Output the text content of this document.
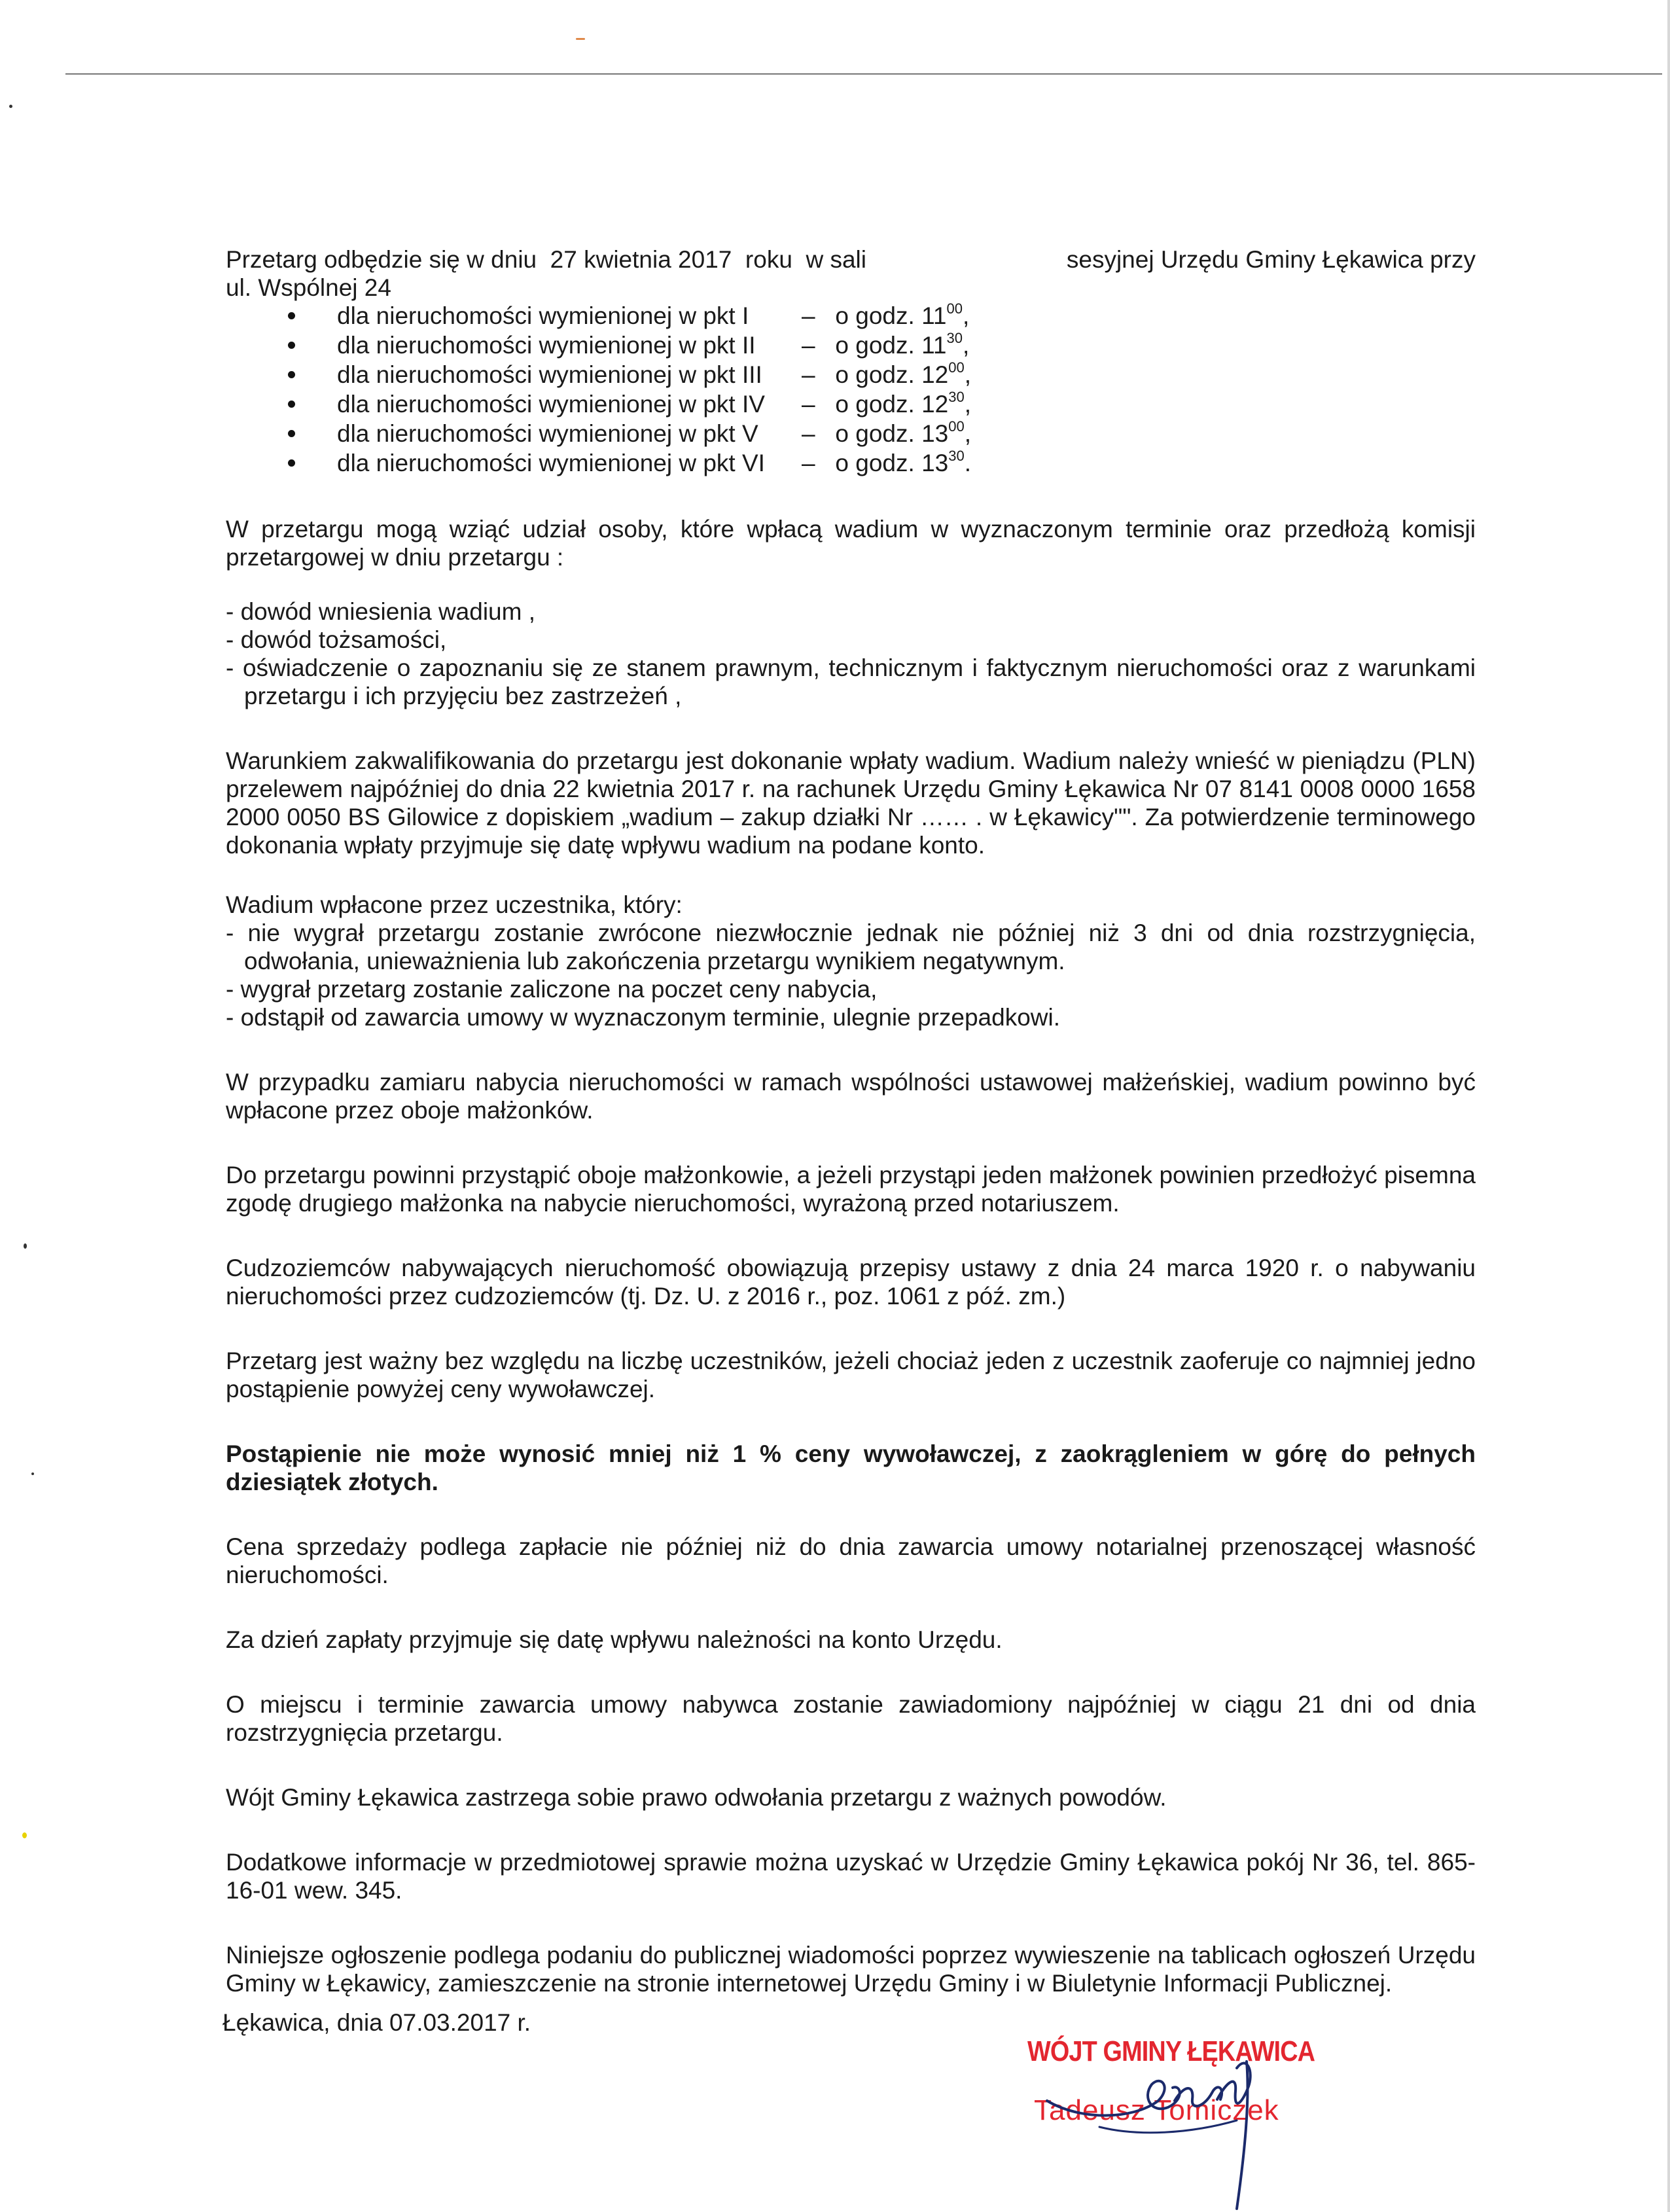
Przetarg odbędzie się w dniu  27 kwietnia 2017  roku  w sali	sesyjnej Urzędu Gminy Łękawica przy
ul. Wspólnej 24
dla nieruchomości wymienionej w pkt I – o godz. $11^{00}$,
dla nieruchomości wymienionej w pkt II – o godz. $11^{30}$,
dla nieruchomości wymienionej w pkt III – o godz. $12^{00}$,
dla nieruchomości wymienionej w pkt IV – o godz. $12^{30}$,
dla nieruchomości wymienionej w pkt V – o godz. $13^{00}$,
dla nieruchomości wymienionej w pkt VI – o godz. $13^{30}$.

W przetargu mogą wziąć udział osoby, które wpłacą wadium w wyznaczonym terminie oraz przedłożą komisji przetargowej w dniu przetargu :

- dowód wniesienia wadium ,
- dowód tożsamości,
- oświadczenie o zapoznaniu się ze stanem prawnym, technicznym i faktycznym nieruchomości oraz z warunkami przetargu i ich przyjęciu bez zastrzeżeń ,

Warunkiem zakwalifikowania do przetargu jest dokonanie wpłaty wadium. Wadium należy wnieść w pieniądzu (PLN) przelewem najpóźniej do dnia 22 kwietnia 2017 r. na rachunek Urzędu Gminy Łękawica Nr 07 8141 0008 0000 1658 2000 0050 BS Gilowice z dopiskiem „wadium – zakup działki Nr …… . w Łękawicy"". Za potwierdzenie terminowego dokonania wpłaty przyjmuje się datę wpływu wadium na podane konto.

Wadium wpłacone przez uczestnika, który:
- nie wygrał przetargu zostanie zwrócone niezwłocznie jednak nie później niż 3 dni od dnia rozstrzygnięcia, odwołania, unieważnienia lub zakończenia przetargu wynikiem negatywnym.
- wygrał przetarg zostanie zaliczone na poczet ceny nabycia,
- odstąpił od zawarcia umowy w wyznaczonym terminie, ulegnie przepadkowi.

W przypadku zamiaru nabycia nieruchomości w ramach wspólności ustawowej małżeńskiej, wadium powinno być wpłacone przez oboje małżonków.

Do przetargu powinni przystąpić oboje małżonkowie, a jeżeli przystąpi jeden małżonek powinien przedłożyć pisemna zgodę drugiego małżonka na nabycie nieruchomości, wyrażoną przed notariuszem.

Cudzoziemców nabywających nieruchomość obowiązują przepisy ustawy z dnia 24 marca 1920 r. o nabywaniu nieruchomości przez cudzoziemców (tj. Dz. U. z 2016 r., poz. 1061 z póź. zm.)

Przetarg jest ważny bez względu na liczbę uczestników, jeżeli chociaż jeden z uczestnik zaoferuje co najmniej jedno postąpienie powyżej ceny wywoławczej.

Postąpienie nie może wynosić mniej niż 1 % ceny wywoławczej, z zaokrągleniem w górę do pełnych dziesiątek złotych.

Cena sprzedaży podlega zapłacie nie później niż do dnia zawarcia umowy notarialnej przenoszącej własność nieruchomości.

Za dzień zapłaty przyjmuje się datę wpływu należności na konto Urzędu.

O miejscu i terminie zawarcia umowy nabywca zostanie zawiadomiony najpóźniej w ciągu 21 dni od dnia rozstrzygnięcia przetargu.

Wójt Gminy Łękawica zastrzega sobie prawo odwołania przetargu z ważnych powodów.

Dodatkowe informacje w przedmiotowej sprawie można uzyskać w Urzędzie Gminy Łękawica pokój Nr 36, tel. 865-16-01 wew. 345.

Niniejsze ogłoszenie podlega podaniu do publicznej wiadomości poprzez wywieszenie na tablicach ogłoszeń Urzędu Gminy w Łękawicy, zamieszczenie na stronie internetowej Urzędu Gminy i w Biuletynie Informacji Publicznej.

Łękawica, dnia 07.03.2017 r.
WÓJT GMINY ŁĘKAWICA
Tadeusz Tomiczek
